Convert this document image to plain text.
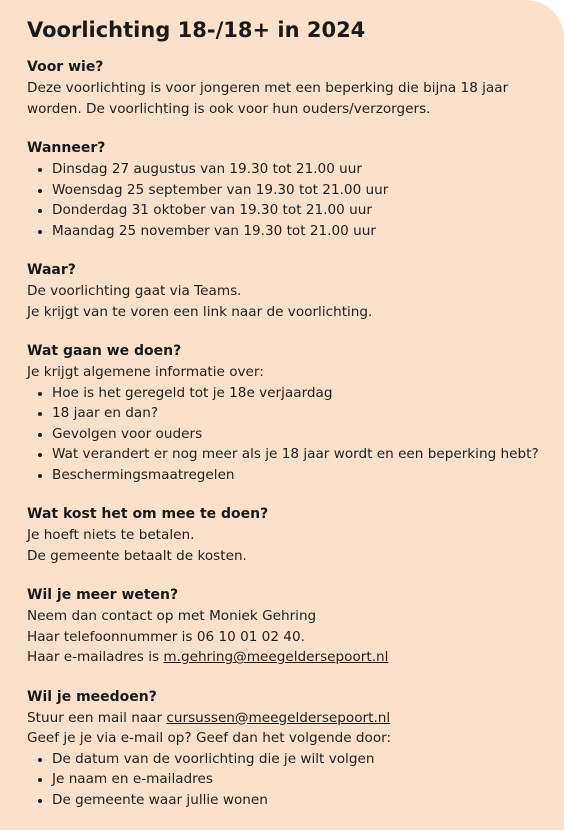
Voorlichting 18-/18+ in 2024
Voor wie?

Deze voorlichting is voor jongeren met een beperking die bijna 18 jaar worden. De voorlichting is ook voor hun ouders/verzorgers.

Wanneer?
• Dinsdag 27 augustus van 19.30 tot 21.00 uur
• Woensdag 25 september van 19.30 tot 21.00 uur
• Donderdag 31 oktober van 19.30 tot 21.00 uur
• Maandag 25 november van 19.30 tot 21.00 uur
Waar?

De voorlichting gaat via Teams.

Je krijgt van te voren een link naar de voorlichting.

Wat gaan we doen?

Je krijgt algemene informatie over:

• Hoe is het geregeld tot je 18e verjaardag
• 18 jaar en dan?
• Gevolgen voor ouders
• Wat verandert er nog meer als je 18 jaar wordt en een beperking hebt?
• Beschermingsmaatregelen
Wat kost het om mee te doen?

Je hoeft niets te betalen.

De gemeente betaalt de kosten.

Wil je meer weten?

Neem dan contact op met Moniek Gehring

Haar telefoonnummer is 06 10 01 02 40.

Haar e-mailadres is m.gehring@meegeldersepoort.nl

Wil je meedoen?

Stuur een mail naar cursussen@meegeldersepoort.nl

Geef je je via e-mail op? Geef dan het volgende door:

• De datum van de voorlichting die je wilt volgen
• Je naam en e-mailadres
• De gemeente waar jullie wonen
